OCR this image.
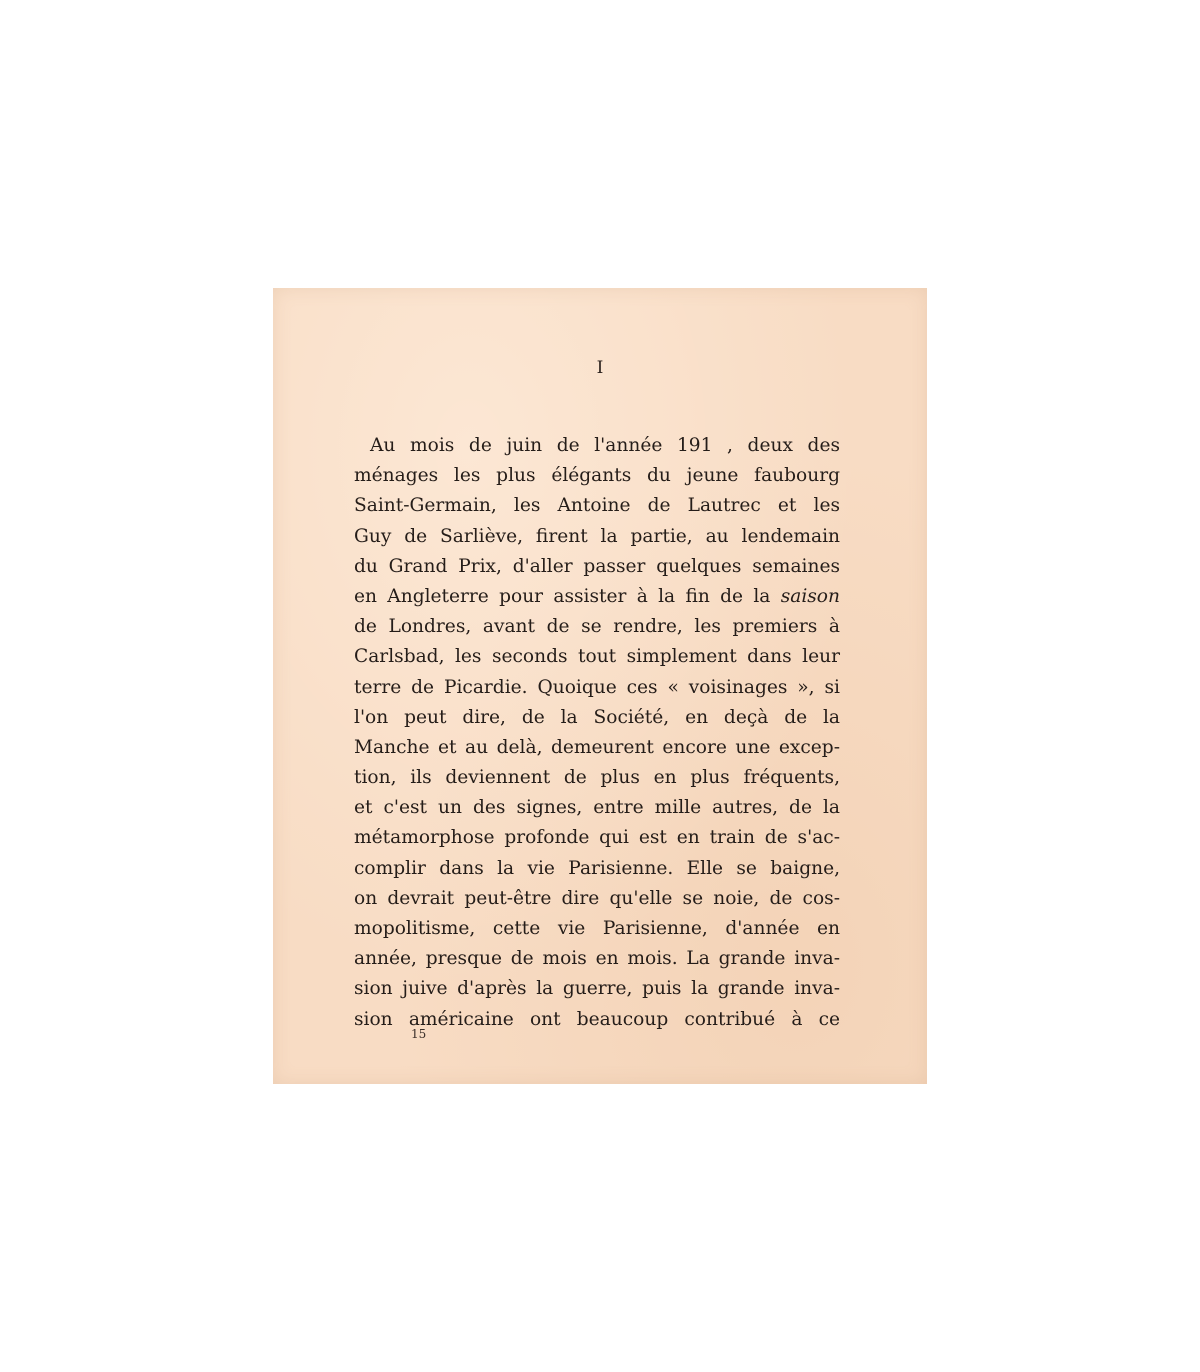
I
Au mois de juin de l'année 191 , deux des
ménages les plus élégants du jeune faubourg
Saint-Germain, les Antoine de Lautrec et les
Guy de Sarliève, firent la partie, au lendemain
du Grand Prix, d'aller passer quelques semaines
en Angleterre pour assister à la fin de la saison
de Londres, avant de se rendre, les premiers à
Carlsbad, les seconds tout simplement dans leur
terre de Picardie. Quoique ces « voisinages », si
l'on peut dire, de la Société, en deçà de la
Manche et au delà, demeurent encore une excep-
tion, ils deviennent de plus en plus fréquents,
et c'est un des signes, entre mille autres, de la
métamorphose profonde qui est en train de s'ac-
complir dans la vie Parisienne. Elle se baigne,
on devrait peut-être dire qu'elle se noie, de cos-
mopolitisme, cette vie Parisienne, d'année en
année, presque de mois en mois. La grande inva-
sion juive d'après la guerre, puis la grande inva-
sion américaine ont beaucoup contribué à ce
15
